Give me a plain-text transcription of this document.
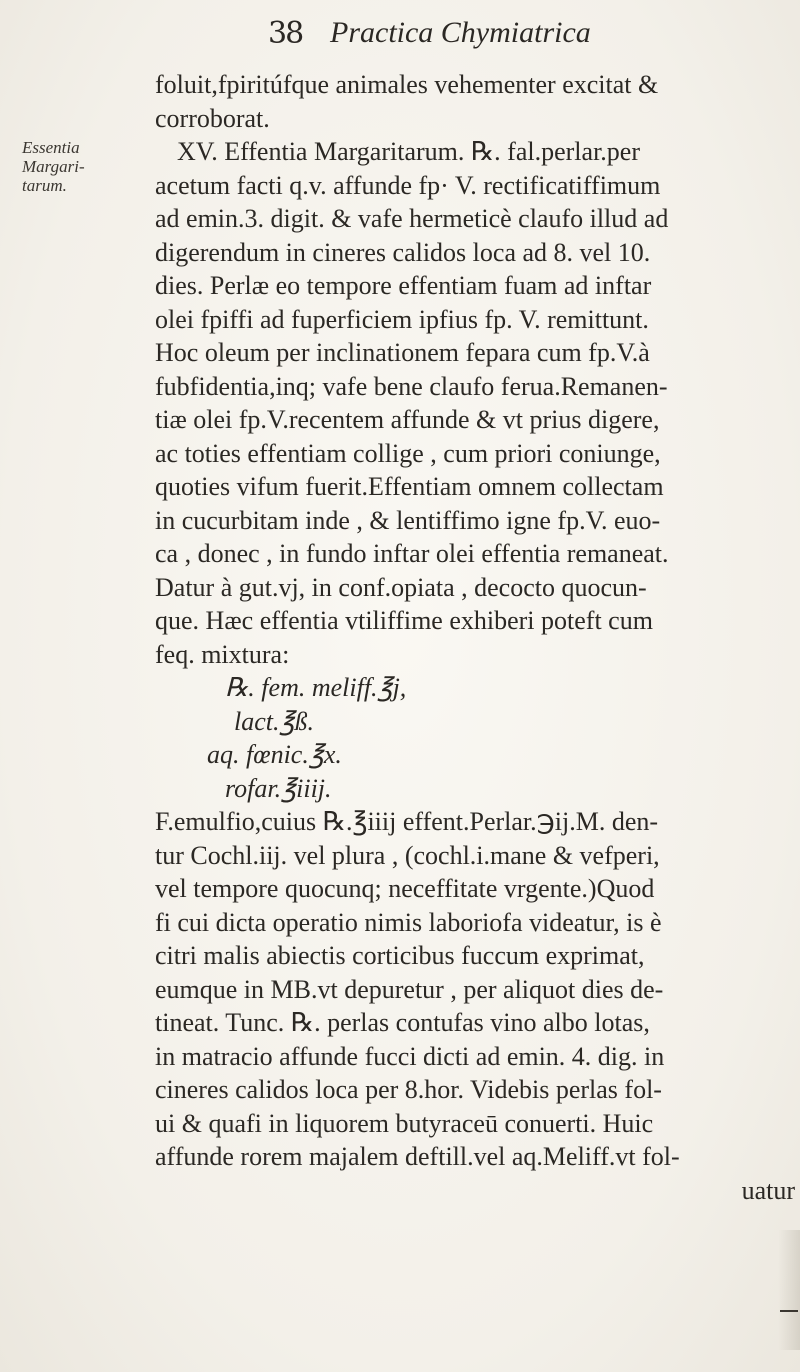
38 Practica Chymiatrica
Essentia
Margari-
tarum.
foluit,fpiritúfque animales vehementer excitat &
corroborat.
XV. Effentia Margaritarum. ℞. fal.perlar.per
acetum facti q.v. affunde fp· V. rectificatiffimum
ad emin.3. digit. & vafe hermeticè claufo illud ad
digerendum in cineres calidos loca ad 8. vel 10.
dies. Perlæ eo tempore effentiam fuam ad inftar
olei fpiffi ad fuperficiem ipfius fp. V. remittunt.
Hoc oleum per inclinationem fepara cum fp.V.à
fubfidentia,inq; vafe bene claufo ferua.Remanen-
tiæ olei fp.V.recentem affunde & vt prius digere,
ac toties effentiam collige , cum priori coniunge,
quoties vifum fuerit.Effentiam omnem collectam
in cucurbitam inde , & lentiffimo igne fp.V. euo-
ca , donec , in fundo inftar olei effentia remaneat.
Datur à gut.vj, in conf.opiata , decocto quocun-
que. Hæc effentia vtiliffime exhiberi poteft cum
feq. mixtura:
℞. fem. meliff.℥j,
lact.℥ß.
aq. fœnic.℥x.
rofar.℥iiij.
F.emulfio,cuius ℞.℥iiij effent.Perlar.℈ij.M. den-
tur Cochl.iij. vel plura , (cochl.i.mane & vefperi,
vel tempore quocunq; neceffitate vrgente.)Quod
fi cui dicta operatio nimis laboriofa videatur, is è
citri malis abiectis corticibus fuccum exprimat,
eumque in MB.vt depuretur , per aliquot dies de-
tineat. Tunc. ℞. perlas contufas vino albo lotas,
in matracio affunde fucci dicti ad emin. 4. dig. in
cineres calidos loca per 8.hor. Videbis perlas fol-
ui & quafi in liquorem butyraceū conuerti. Huic
affunde rorem majalem deftill.vel aq.Meliff.vt fol-
uatur
